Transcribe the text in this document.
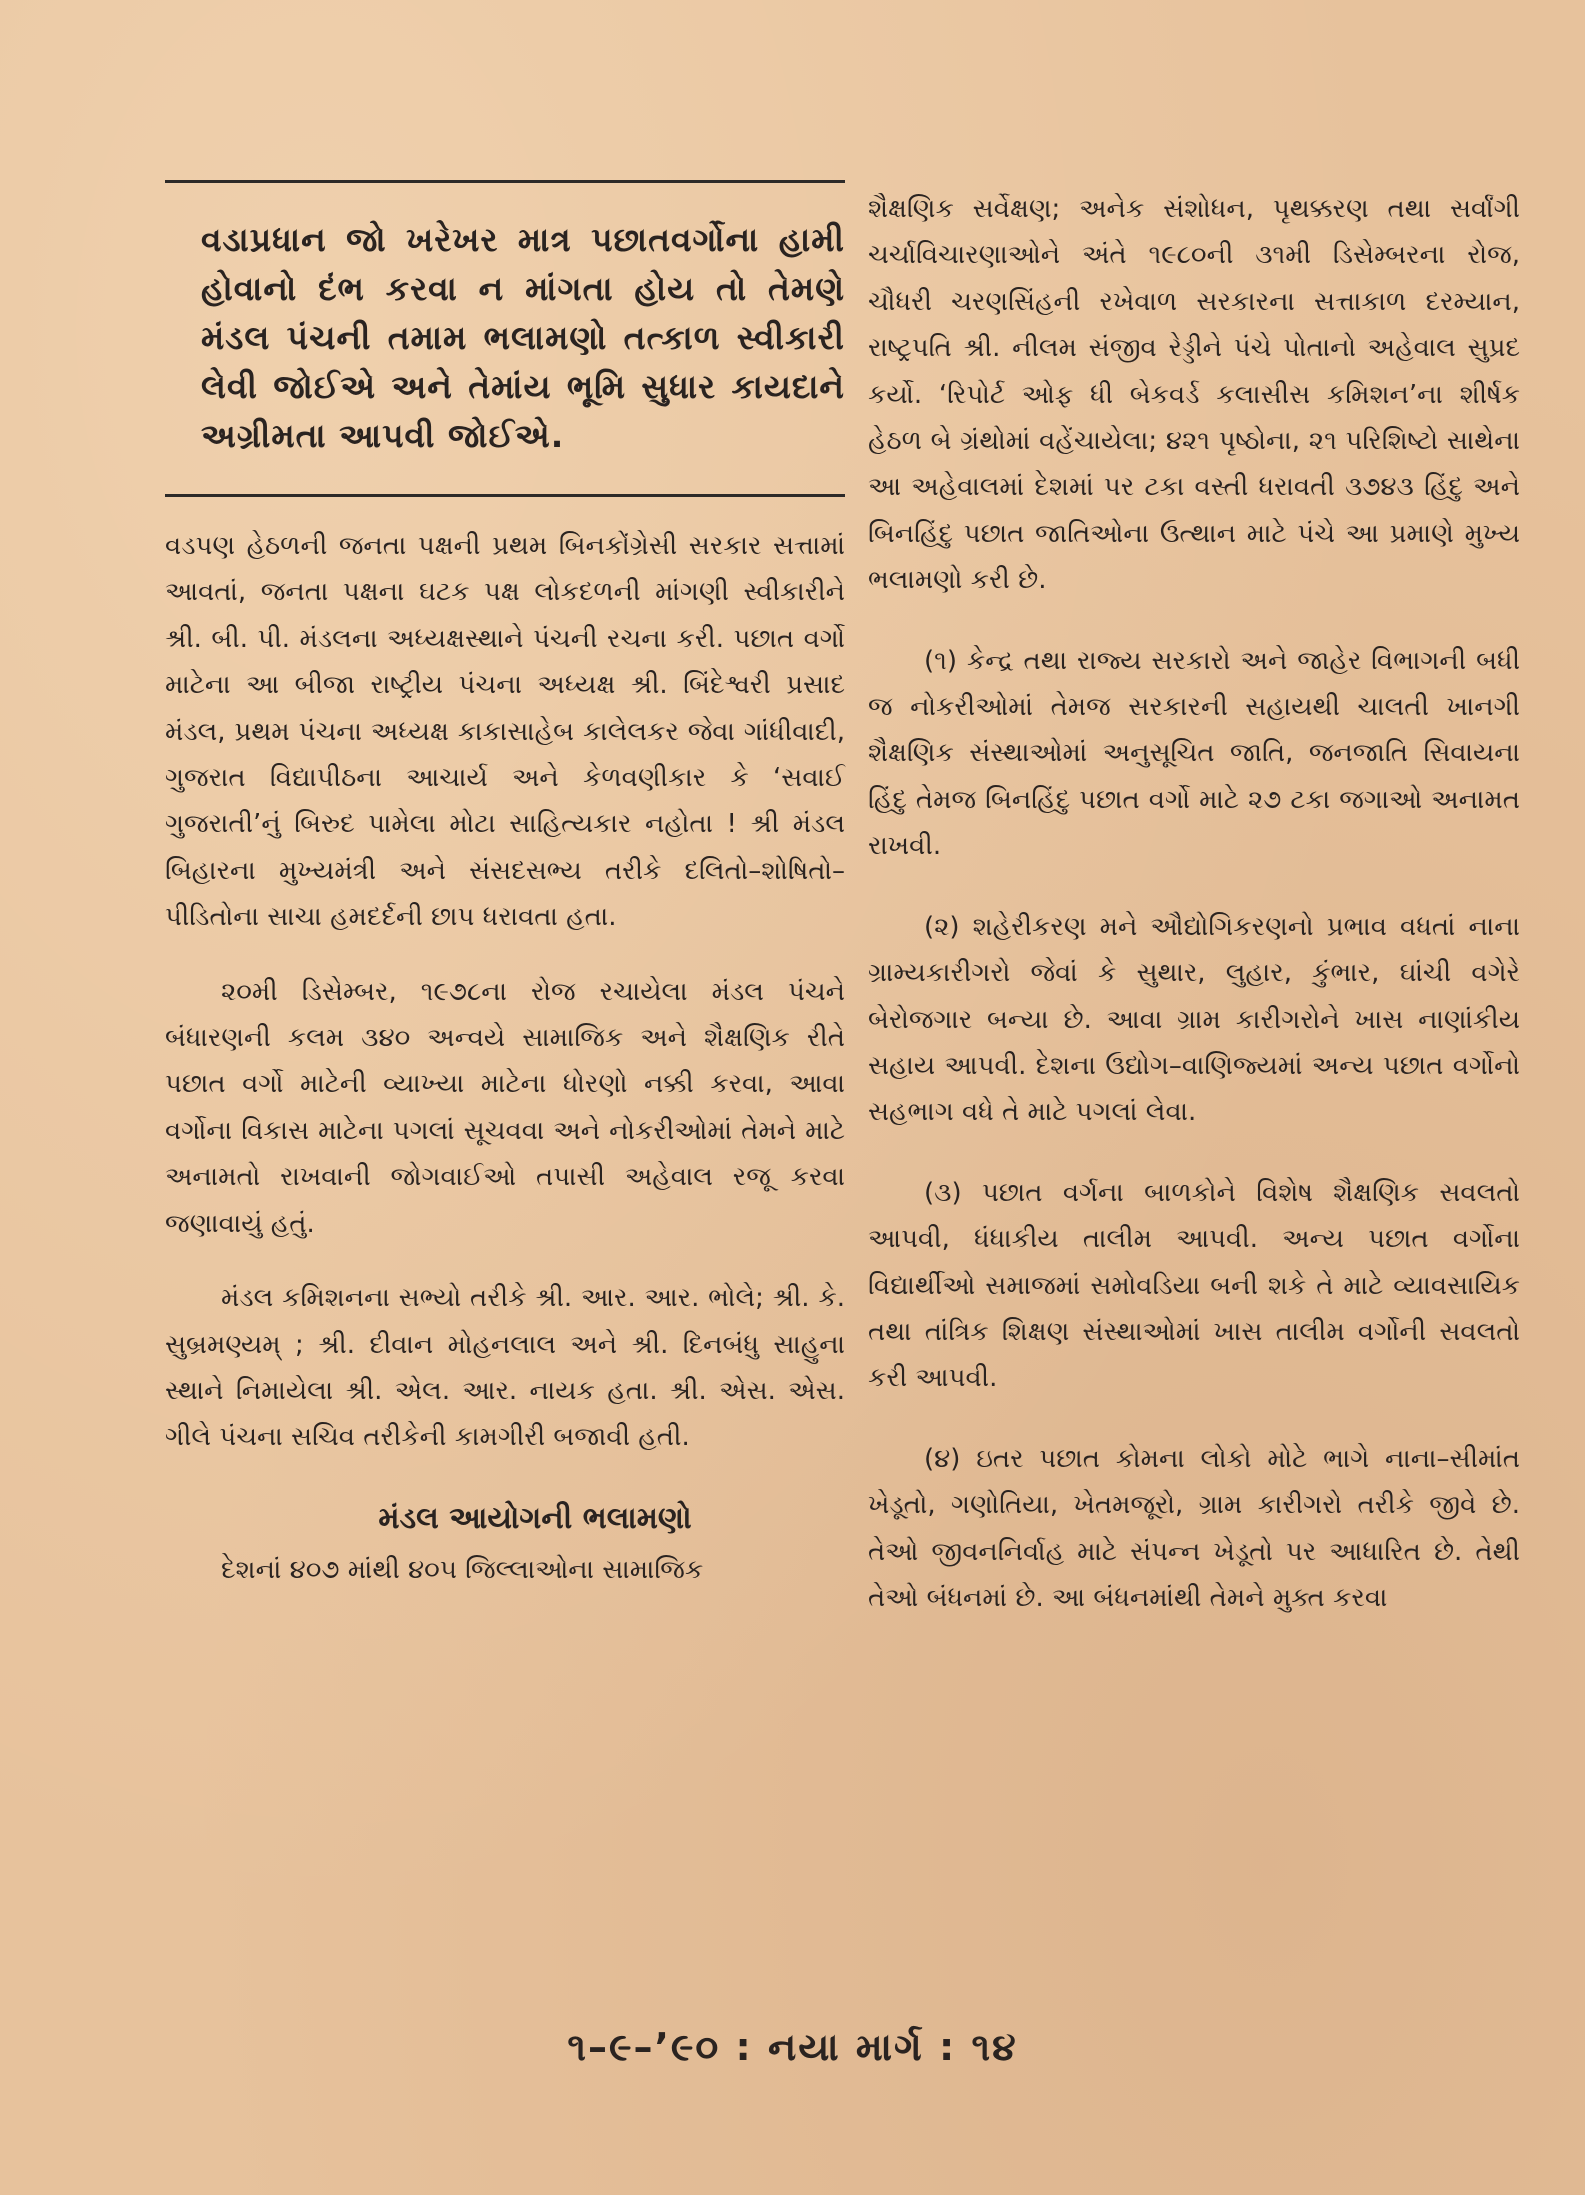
વડાપ્રધાન જો ખરેખર માત્ર પછાતવર્ગોના હામી હોવાનો દંભ કરવા ન માંગતા હોય તો તેમણે મંડલ પંચની તમામ ભલામણો તત્કાળ સ્વીકારી લેવી જોઈએ અને તેમાંય ભૂમિ સુધાર કાયદાને અગ્રીમતા આપવી જોઈએ.

વડપણ હેઠળની જનતા પક્ષની પ્રથમ બિનકોંગ્રેસી સરકાર સત્તામાં આવતાં, જનતા પક્ષના ઘટક પક્ષ લોકદળની માંગણી સ્વીકારીને શ્રી. બી. પી. મંડલના અધ્યક્ષસ્થાને પંચની રચના કરી. પછાત વર્ગો માટેના આ બીજા રાષ્ટ્રીય પંચના અધ્યક્ષ શ્રી. બિંદેશ્વરી પ્રસાદ મંડલ, પ્રથમ પંચના અધ્યક્ષ કાકાસાહેબ કાલેલકર જેવા ગાંધીવાદી, ગુજરાત વિદ્યાપીઠના આચાર્ય અને કેળવણીકાર કે ‘સવાઈ ગુજરાતી’નું બિરુદ પામેલા મોટા સાહિત્યકાર નહોતા ! શ્રી મંડલ બિહારના મુખ્યમંત્રી અને સંસદસભ્ય તરીકે દલિતો–શોષિતો–પીડિતોના સાચા હમદર્દની છાપ ધરાવતા હતા.

૨૦મી ડિસેમ્બર, ૧૯૭૮ના રોજ રચાયેલા મંડલ પંચને બંધારણની કલમ ૩૪૦ અન્વયે સામાજિક અને શૈક્ષણિક રીતે પછાત વર્ગો માટેની વ્યાખ્યા માટેના ધોરણો નક્કી કરવા, આવા વર્ગોના વિકાસ માટેના પગલાં સૂચવવા અને નોકરીઓમાં તેમને માટે અનામતો રાખવાની જોગવાઈઓ તપાસી અહેવાલ રજૂ કરવા જણાવાયું હતું.

મંડલ કમિશનના સભ્યો તરીકે શ્રી. આર. આર. ભોલે; શ્રી. કે. સુબ્રમણ્યમ્ ; શ્રી. દીવાન મોહનલાલ અને શ્રી. દિનબંધુ સાહુના સ્થાને નિમાયેલા શ્રી. એલ. આર. નાયક હતા. શ્રી. એસ. એસ. ગીલે પંચના સચિવ તરીકેની કામગીરી બજાવી હતી.

મંડલ આયોગની ભલામણો

દેશનાં ૪૦૭ માંથી ૪૦૫ જિલ્લાઓના સામાજિક

શૈક્ષણિક સર્વેક્ષણ; અનેક સંશોધન, પૃથક્કરણ તથા સર્વાંગી ચર્ચાવિચારણાઓને અંતે ૧૯૮૦ની ૩૧મી ડિસેમ્બરના રોજ, ચૌધરી ચરણસિંહની રખેવાળ સરકારના સત્તાકાળ દરમ્યાન, રાષ્ટ્રપતિ શ્રી. નીલમ સંજીવ રેડ્ડીને પંચે પોતાનો અહેવાલ સુપ્રદ કર્યો. ‘રિપોર્ટ ઓફ ધી બેકવર્ડ કલાસીસ કમિશન’ના શીર્ષક હેઠળ બે ગ્રંથોમાં વહેંચાયેલા; ૪૨૧ પૃષ્ઠોના, ૨૧ પરિશિષ્ટો સાથેના આ અહેવાલમાં દેશમાં પર ટકા વસ્તી ધરાવતી ૩૭૪૩ હિંદુ અને બિનહિંદુ પછાત જાતિઓના ઉત્થાન માટે પંચે આ પ્રમાણે મુખ્ય ભલામણો કરી છે.

(૧) કેન્દ્ર તથા રાજ્ય સરકારો અને જાહેર વિભાગની બધી જ નોકરીઓમાં તેમજ સરકારની સહાયથી ચાલતી ખાનગી શૈક્ષણિક સંસ્થાઓમાં અનુસૂચિત જાતિ, જનજાતિ સિવાયના હિંદુ તેમજ બિનહિંદુ પછાત વર્ગો માટે ૨૭ ટકા જગાઓ અનામત રાખવી.

(૨) શહેરીકરણ મને ઔદ્યોગિકરણનો પ્રભાવ વધતાં નાના ગ્રામ્યકારીગરો જેવાં કે સુથાર, લુહાર, કુંભાર, ઘાંચી વગેરે બેરોજગાર બન્યા છે. આવા ગ્રામ કારીગરોને ખાસ નાણાંકીય સહાય આપવી. દેશના ઉદ્યોગ–વાણિજ્યમાં અન્ય પછાત વર્ગોનો સહભાગ વધે તે માટે પગલાં લેવા.

(૩) પછાત વર્ગના બાળકોને વિશેષ શૈક્ષણિક સવલતો આપવી, ધંધાકીય તાલીમ આપવી. અન્ય પછાત વર્ગોના વિદ્યાર્થીઓ સમાજમાં સમોવડિયા બની શકે તે માટે વ્યાવસાયિક તથા તાંત્રિક શિક્ષણ સંસ્થાઓમાં ખાસ તાલીમ વર્ગોની સવલતો કરી આપવી.

(૪) ઇતર પછાત કોમના લોકો મોટે ભાગે નાના–સીમાંત ખેડૂતો, ગણોતિયા, ખેતમજૂરો, ગ્રામ કારીગરો તરીકે જીવે છે. તેઓ જીવનનિર્વાહ માટે સંપન્ન ખેડૂતો પર આધારિત છે. તેથી તેઓ બંધનમાં છે. આ બંધનમાંથી તેમને મુક્ત કરવા

૧–૯–’૯૦ : નયા માર્ગ : ૧૪
